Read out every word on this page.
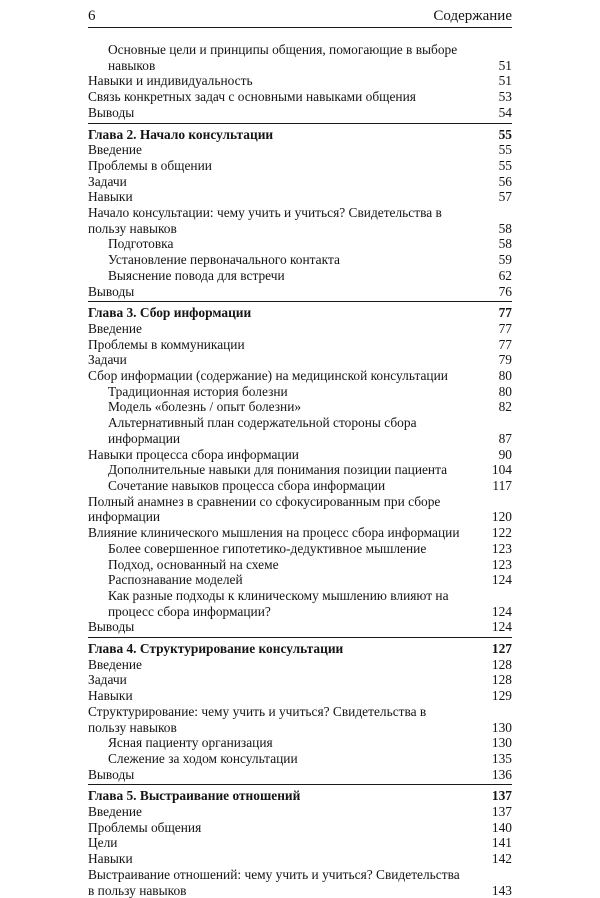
6	Содержание
Основные цели и принципы общения, помогающие в выборе навыков	51
Навыки и индивидуальность	51
Связь конкретных задач с основными навыками общения	53
Выводы	54
Глава 2. Начало консультации	55
Введение	55
Проблемы в общении	55
Задачи	56
Навыки	57
Начало консультации: чему учить и учиться? Свидетельства в пользу навыков	58
Подготовка	58
Установление первоначального контакта	59
Выяснение повода для встречи	62
Выводы	76
Глава 3. Сбор информации	77
Введение	77
Проблемы в коммуникации	77
Задачи	79
Сбор информации (содержание) на медицинской консультации	80
Традиционная история болезни	80
Модель «болезнь / опыт болезни»	82
Альтернативный план содержательной стороны сбора информации	87
Навыки процесса сбора информации	90
Дополнительные навыки для понимания позиции пациента	104
Сочетание навыков процесса сбора информации	117
Полный анамнез в сравнении со сфокусированным при сборе информации	120
Влияние клинического мышления на процесс сбора информации	122
Более совершенное гипотетико-дедуктивное мышление	123
Подход, основанный на схеме	123
Распознавание моделей	124
Как разные подходы к клиническому мышлению влияют на процесс сбора информации?	124
Выводы	124
Глава 4. Структурирование консультации	127
Введение	128
Задачи	128
Навыки	129
Структурирование: чему учить и учиться? Свидетельства в пользу навыков	130
Ясная пациенту организация	130
Слежение за ходом консультации	135
Выводы	136
Глава 5. Выстраивание отношений	137
Введение	137
Проблемы общения	140
Цели	141
Навыки	142
Выстраивание отношений: чему учить и учиться? Свидетельства в пользу навыков	143
